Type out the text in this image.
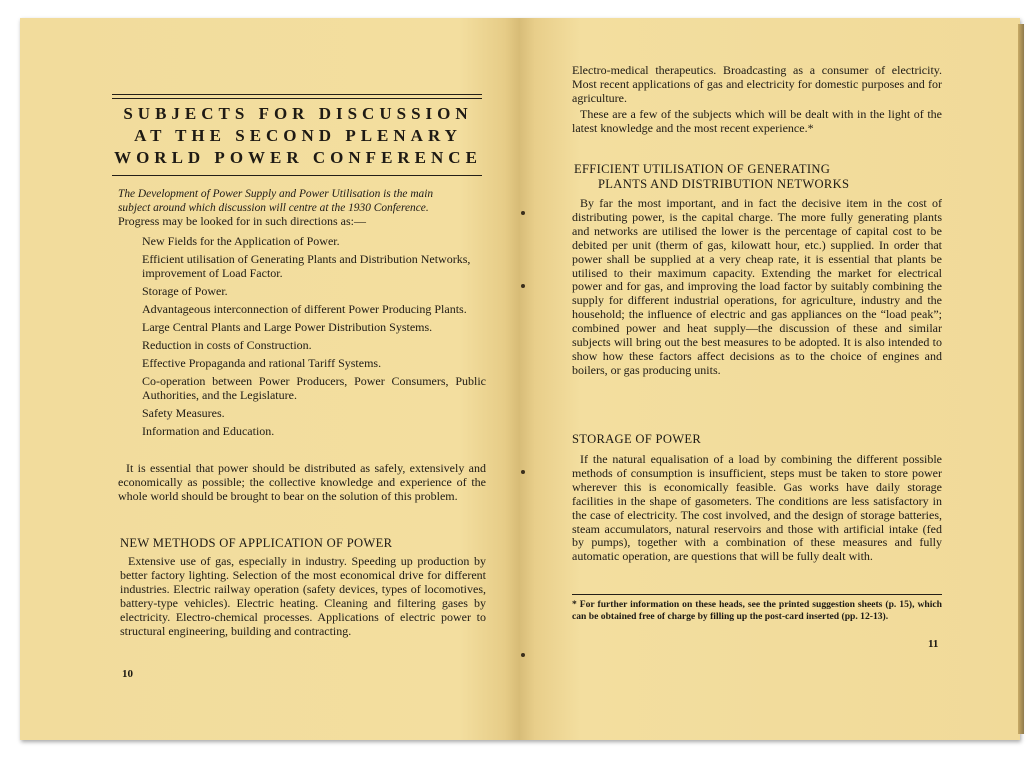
SUBJECTS FOR DISCUSSION
AT THE SECOND PLENARY
WORLD POWER CONFERENCE
The Development of Power Supply and Power Utilisation is the main
subject around which discussion will centre at the 1930 Conference.
Progress may be looked for in such directions as:—
New Fields for the Application of Power.
Efficient utilisation of Generating Plants and Distribution Networks, improvement of Load Factor.
Storage of Power.
Advantageous interconnection of different Power Producing Plants.
Large Central Plants and Large Power Distribution Systems.
Reduction in costs of Construction.
Effective Propaganda and rational Tariff Systems.
Co-operation between Power Producers, Power Consumers, Public Authorities, and the Legislature.
Safety Measures.
Information and Education.
It is essential that power should be distributed as safely, extensively and economically as possible; the collective knowledge and experience of the whole world should be brought to bear on the solution of this problem.
NEW METHODS OF APPLICATION OF POWER
Extensive use of gas, especially in industry. Speeding up production by better factory lighting. Selection of the most economical drive for different industries. Electric railway operation (safety devices, types of locomotives, battery-type vehicles). Electric heating. Cleaning and filtering gases by electricity. Electro-chemical processes. Applications of electric power to structural engineering, building and contracting.
10
Electro-medical therapeutics. Broadcasting as a consumer of electricity. Most recent applications of gas and electricity for domestic purposes and for agriculture.
These are a few of the subjects which will be dealt with in the light of the latest knowledge and the most recent experience.*
EFFICIENT UTILISATION OF GENERATING
PLANTS AND DISTRIBUTION NETWORKS
By far the most important, and in fact the decisive item in the cost of distributing power, is the capital charge. The more fully generating plants and networks are utilised the lower is the percentage of capital cost to be debited per unit (therm of gas, kilowatt hour, etc.) supplied. In order that power shall be supplied at a very cheap rate, it is essential that plants be utilised to their maximum capacity. Extending the market for electrical power and for gas, and improving the load factor by suitably combining the supply for different industrial operations, for agriculture, industry and the household; the influence of electric and gas appliances on the “load peak”; combined power and heat supply—the discussion of these and similar subjects will bring out the best measures to be adopted. It is also intended to show how these factors affect decisions as to the choice of engines and boilers, or gas producing units.
STORAGE OF POWER
If the natural equalisation of a load by combining the different possible methods of consumption is insufficient, steps must be taken to store power wherever this is economically feasible. Gas works have daily storage facilities in the shape of gasometers. The conditions are less satisfactory in the case of electricity. The cost involved, and the design of storage batteries, steam accumulators, natural reservoirs and those with artificial intake (fed by pumps), together with a combination of these measures and fully automatic operation, are questions that will be fully dealt with.
* For further information on these heads, see the printed suggestion sheets (p. 15), which can be obtained free of charge by filling up the post-card inserted (pp. 12-13).
11
